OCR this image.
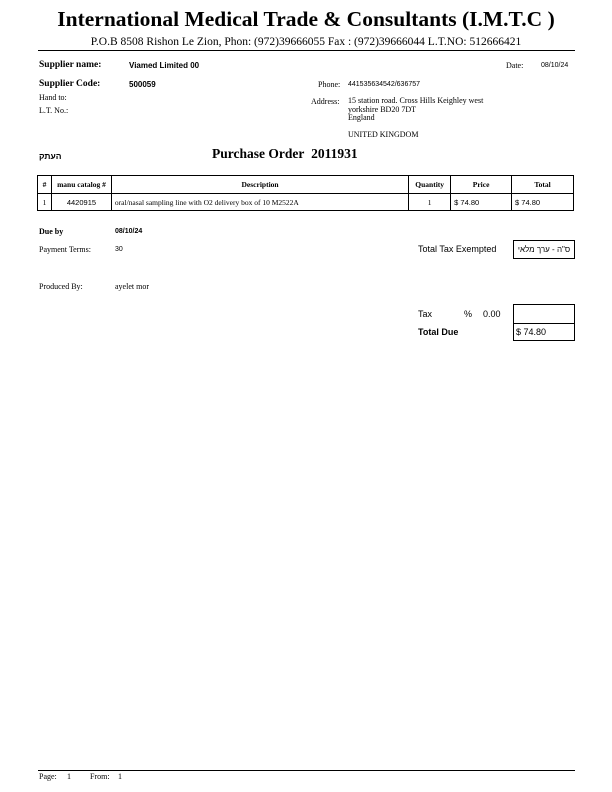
International Medical Trade & Consultants (I.M.T.C )
P.O.B 8508 Rishon Le Zion, Phon: (972)39666055 Fax : (972)39666044 L.T.NO: 512666421
Supplier name:	Viamed Limited 00	Date:	08/10/24
Supplier Code:	500059	Phone: 441535634542/636757
Hand to:
L.T. No.:
Address: 15 station road. Cross Hills Keighley west
yorkshire BD20 7DT
England
UNITED KINGDOM
העתק	Purchase Order 2011931
#	manu catalog #	Description	Quantity	Price	Total
1	4420915	oral/nasal sampling line with O2 delivery box of 10 M2522A	1	$ 74.80	$ 74.80
Due by	08/10/24
Payment Terms:	30	Total Tax Exempted	ס"ה - ערך מלאי
Produced By:	ayelet mor
Tax	% 0.00
Total Due	$ 74.80
Page: 1 From: 1
